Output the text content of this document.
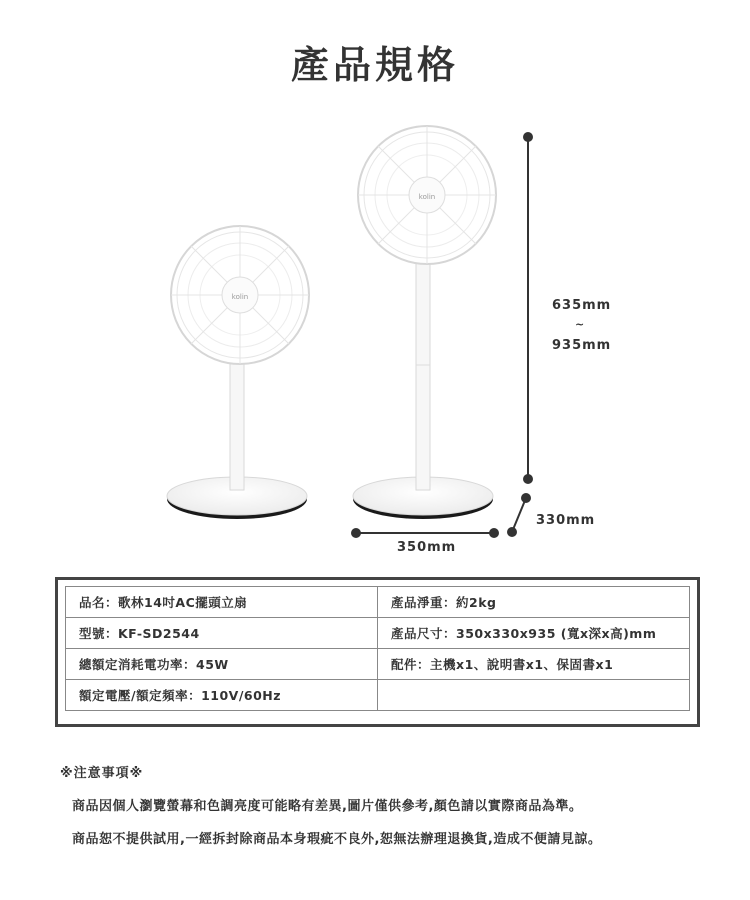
產品規格
kolin
kolin
635mm
~
935mm
330mm
350mm
品名：歌林14吋AC擺頭立扇	產品淨重：約2kg
型號：KF-SD2544	產品尺寸：350x330x935 (寬x深x高)mm
總額定消耗電功率：45W	配件：主機x1、說明書x1、保固書x1
額定電壓/額定頻率：110V/60Hz	
※注意事項※
商品因個人瀏覽螢幕和色調亮度可能略有差異,圖片僅供參考,顏色請以實際商品為準。
商品恕不提供試用,一經拆封除商品本身瑕疵不良外,恕無法辦理退換貨,造成不便請見諒。
